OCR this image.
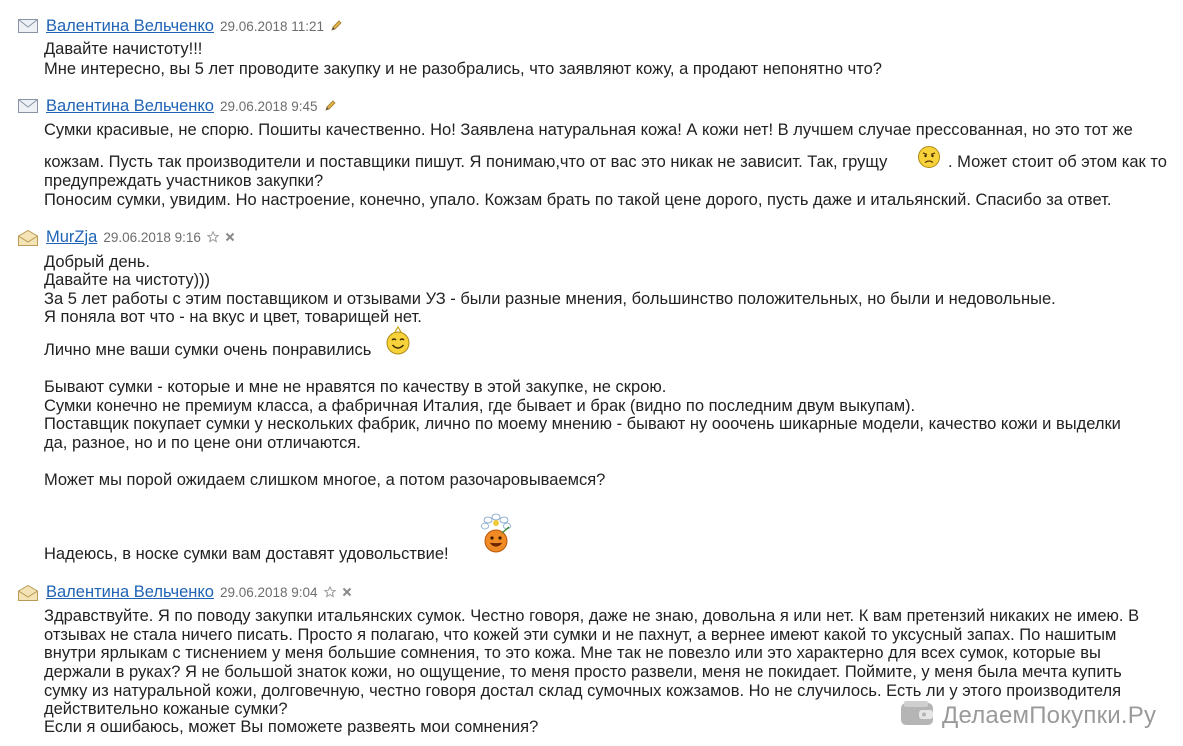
Валентина Вельченко 29.06.2018 11:21
Давайте начистоту!!!
Мне интересно, вы 5 лет проводите закупку и не разобрались, что заявляют кожу, а продают непонятно что?
Валентина Вельченко 29.06.2018 9:45
Сумки красивые, не спорю. Пошиты качественно. Но! Заявлена натуральная кожа! А кожи нет! В лучшем случае прессованная, но это тот же
кожзам. Пусть так производители и поставщики пишут. Я понимаю,что от вас это никак не зависит. Так, грущу	. Может стоит об этом как то
предупреждать участников закупки?
Поносим сумки, увидим. Но настроение, конечно, упало. Кожзам брать по такой цене дорого, пусть даже и итальянский. Спасибо за ответ.
MurZja 29.06.2018 9:16
Добрый день.
Давайте на чистоту)))
За 5 лет работы с этим поставщиком и отзывами УЗ - были разные мнения, большинство положительных, но были и недовольные.
Я поняла вот что - на вкус и цвет, товарищей нет.
Лично мне ваши сумки очень понравились
Бывают сумки - которые и мне не нравятся по качеству в этой закупке, не скрою.
Сумки конечно не премиум класса, а фабричная Италия, где бывает и брак (видно по последним двум выкупам).
Поставщик покупает сумки у нескольких фабрик, лично по моему мнению - бывают ну ооочень шикарные модели, качество кожи и выделки
да, разное, но и по цене они отличаются.
Может мы порой ожидаем слишком многое, а потом разочаровываемся?
Надеюсь, в носке сумки вам доставят удовольствие!
Валентина Вельченко 29.06.2018 9:04
Здравствуйте. Я по поводу закупки итальянских сумок. Честно говоря, даже не знаю, довольна я или нет. К вам претензий никаких не имею. В
отзывах не стала ничего писать. Просто я полагаю, что кожей эти сумки и не пахнут, а вернее имеют какой то уксусный запах. По нашитым
внутри ярлыкам с тиснением у меня большие сомнения, то это кожа. Мне так не повезло или это характерно для всех сумок, которые вы
держали в руках? Я не большой знаток кожи, но ощущение, то меня просто развели, меня не покидает. Поймите, у меня была мечта купить
сумку из натуральной кожи, долговечную, честно говоря достал склад сумочных кожзамов. Но не случилось. Есть ли у этого производителя
действительно кожаные сумки?
Если я ошибаюсь, может Вы поможете развеять мои сомнения?	ДелаемПокупки.Ру
